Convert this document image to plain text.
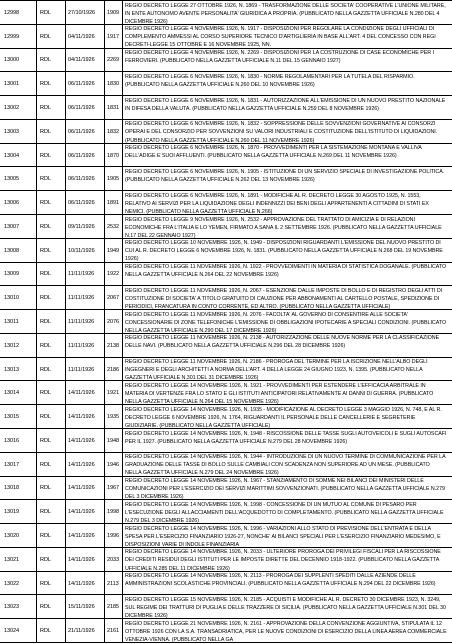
12998	RDL	27/10/1926 1909
REGIO DECRETO LEGGE 27 OTTOBRE 1926, N. 1869 - TRASFORMAZIONE DELLE SOCIETA' COOPERATIVE L'UNIONE MILITARE, IN ENTE AUTONOMO AVENTE PERSONALITA' GIURIDICA A PROPRIA. (PUBBLICATO NELLA GAZZETTA UFFICIALE N.280 DEL 4 DICEMBRE 1926)
12999	RDL	04/11/1926 1917
REGIO DECRETO LEGGE 4 NOVEMBRE 1926, N. 1917 - DISPOSIZIONI PER REGOLARE LA CONDIZIONE DEGLI UFFICIALI DI COMPLEMENTO AMMESSI AL CORSO SUPERIORE TECNICO D'ARTIGLIERIA IN BASE ALL'ART. 4 DEL CONCESSO CON REGI DECRETI-LEGGE 15 OTTOBRE E 16 NOVEMBRE 1925, NN.
13000	RDL	04/11/1926 2269
REGIO DECRETO LEGGE 4 NOVEMBRE 1926, N. 2269 - DISPOSIZIONI PER LA COSTRUZIONE DI CASE ECONOMICHE PER I FERROVIERI. (PUBBLICATO NELLA GAZZETTA UFFICIALE N.11 DEL 15 GENNAIO 1927)
13001	RDL	06/11/1926 1830
REGIO DECRETO LEGGE 6 NOVEMBRE 1926, N. 1830 - NORME REGOLAMENTARI PER LA TUTELA DEL RISPARMIO. (PUBBLICATO NELLA GAZZETTA UFFICIALE N.260 DEL 10 NOVEMBRE 1926)
13002	RDL	06/11/1926 1831
REGIO DECRETO LEGGE 6 NOVEMBRE 1926, N. 1831 - AUTORIZZAZIONE ALL'EMISSIONE DI UN NUOVO PRESTITO NAZIONALE IN DIFESA DELLA VALUTA. (PUBBLICATO NELLA GAZZETTA UFFICIALE N.259 DEL 8 NOVEMBRE 1926)
13003	RDL	06/11/1926 1832
REGIO DECRETO LEGGE 6 NOVEMBRE 1926, N. 1832 - SOPPRESSIONE DELLE SOVVENZIONI GOVERNATIVE AI CONSORZI OPERAI E DEL CONSORZIO PER SOVVENZIONI SU VALORI INDUSTRIALI E COSTITUZIONE DELL'ISTITUTO DI LIQUIDAZIONI. (PUBBLICATO NELLA GAZZETTA UFFICIALE N.260 DEL 11 NOVEMBRE 1926)
13004	RDL	06/11/1926 1870
REGIO DECRETO LEGGE 6 NOVEMBRE 1926, N. 1870 - PROVVEDIMENTI PER LA SISTEMAZIONE MONTANA E VALLIVA DELL'ADIGE E SUOI AFFLUENTI. (PUBBLICATO NELLA GAZZETTA UFFICIALE N.269 DEL 11 NOVEMBRE 1926)
13005	RDL	06/11/1926 1905
REGIO DECRETO LEGGE 6 NOVEMBRE 1926, N. 1905 - ISTITUZIONE DI UN SERVIZIO SPECIALE DI INVESTIGAZIONE POLITICA. (PUBBLICATO NELLA GAZZETTA UFFICIALE N.262 DEL 13 NOVEMBRE 1926)
13006	RDL	06/11/1926 1891
REGIO DECRETO LEGGE 6 NOVEMBRE 1926, N. 1891 - MODIFICHE AL R. DECRETO LEGGE 30 AGOSTO 1925, N. 1553, RELATIVO AI SERVIZI PER LA LIQUIDAZIONE DEGLI INDENNIZZI DEI BENI DEGLI APPARTENENTI A CITTADINI DI STATI EX NEMICI. (PUBBLICATO NELLA GAZZETTA UFFICIALE N.266)
13007	RDL	09/11/1926 2532
REGIO DECRETO LEGGE 9 NOVEMBRE 1926, N. 2532 - APPROVAZIONE DEL TRATTATO DI AMICIZIA E DI RELAZIONI ECONOMICHE FRA L'ITALIA E LO YEMEN, FIRMATO A SANA IL 2 SETTEMBRE 1926. (PUBBLICATO NELLA GAZZETTA UFFICIALE N.17 DEL 22 GENNAIO 1927)
13008	RDL	10/11/1926 1949
REGIO DECRETO LEGGE 10 NOVEMBRE 1926, N. 1949 - DISPOSIZIONI RIGUARDANTI L'EMISSIONE DEL NUOVO PRESTITO DI CUI AL R. DECRETO LEGGE 6 NOVEMBRE 1926, N. 1831. (PUBBLICATO NELLA GAZZETTA UFFICIALE N.268 DEL 19 NOVEMBRE 1926)
13009	RDL	11/11/1926 1922
REGIO DECRETO LEGGE 11 NOVEMBRE 1926, N. 1922 - PROVVEDIMENTI IN MATERIA DI STATISTICA DOGANALE. (PUBBLICATO NELLA GAZZETTA UFFICIALE N.264 DEL 22 NOVEMBRE 1926)
13010	RDL	11/11/1926 2067
REGIO DECRETO LEGGE 11 NOVEMBRE 1926, N. 2067 - ESENZIONE DALLE IMPOSTE DI BOLLO E DI REGISTRO DEGLI ATTI DI COSTITUZIONE DI SOCIETA' A TITOLO GRATUITO DI CAUZIONE PER ABBONAMENTI AL CARTELLO POSTALE, SPEDIZIONE DI PERIODICI, FRANCATURA IN CONTO CORRENTE, ED ALTRO. (PUBBLICATO NELLA GAZZETTA UFFICIALE)
13011	RDL	11/11/1926 2076
REGIO DECRETO LEGGE 11 NOVEMBRE 1926, N. 2076 - FACOLTA' AL GOVERNO DI CONSENTIRE ALLE SOCIETA' CONCESSIONARIE DI ZONE TELEFONICHE L'EMISSIONE DI OBBLIGAZIONI IPOTECARIE A SPECIALI CONDIZIONI. (PUBBLICATO NELLA GAZZETTA UFFICIALE N.290 DEL 17 DICEMBRE 1926)
13012	RDL	11/11/1926 2138
REGIO DECRETO LEGGE 11 NOVEMBRE 1926, N. 2138 - AUTORIZZAZIONE DELLE NUOVE NORME PER LA CLASSIFICAZIONE DELLE NAVI. (PUBBLICATO NELLA GAZZETTA UFFICIALE N.296 DEL 28 DICEMBRE 1926)
13013	RDL	11/11/1926 2186
REGIO DECRETO LEGGE 11 NOVEMBRE 1926, N. 2186 - PROROGA DEL TERMINE PER LA ISCRIZIONE NELL'ALBO DEGLI INGEGNERI E DEGLI ARCHITETTI A NORMA DELL'ART. 4 DELLA LEGGE 24 GIUGNO 1923, N. 1395. (PUBBLICATO NELLA GAZZETTA UFFICIALE N.301 DEL 31 DICEMBRE 1926)
13014	RDL	14/11/1926 1921
REGIO DECRETO LEGGE 14 NOVEMBRE 1926, N. 1921 - PROVVEDIMENTI PER ESTENDERE L'EFFICACIA ARBITRALE IN MATERIA DI VERTENZE FRA LO STATO E GLI ISTITUTI ANTICIPATORI RELATIVAMENTE AI DANNI DI GUERRA. (PUBBLICATO NELLA GAZZETTA UFFICIALE N.264 DEL 15 NOVEMBRE 1926)
13015	RDL	14/11/1926 1935
REGIO DECRETO LEGGE 14 NOVEMBRE 1926, N. 1935 - MODIFICAZIONE AL DECRETO LEGGE 3 MAGGIO 1926, N. 748, E AL R. DECRETO LEGGE 6 NOVEMBRE 1926, N. 1764, RIGUARDANTI IL PERSONALE DELLE CANCELLERIE E SEGRETERIE GIUDIZIARIE. (PUBBLICATO NELLA GAZZETTA UFFICIALE)
13016	RDL	14/11/1926 1948
REGIO DECRETO LEGGE 14 NOVEMBRE 1926, N. 1948 - RISCOSSIONE DELLE TASSE SUGLI AUTOVEICOLI E SUGLI AUTOSCAFI PER IL 1927. (PUBBLICATO NELLA GAZZETTA UFFICIALE N.279 DEL 28 NOVEMBRE 1926)
13017	RDL	14/11/1926 1946
REGIO DECRETO LEGGE 14 NOVEMBRE 1926, N. 1944 - INTRODUZIONE DI UN NUOVO TERMINE DI COMMUNICAZIONE PER LA GRADUAZIONE DELLE TASSE DI BOLLO SULLE CAMBIALI CON SCADENZA NON SUPERIORE AD UN MESE. (PUBBLICATO NELLA GAZZETTA UFFICIALE N.279 DEL 24 NOVEMBRE 1926)
13018	RDL	14/11/1926 1967
REGIO DECRETO LEGGE 14 NOVEMBRE 1926, N. 1967 - STANZIAMENTO DI SOMME NEI BILANCI DEI MINISTERI DELLE COMUNICAZIONI PER L'ESERCIZIO DEI SERVIZI MARITTIMI SOVVENZIONATI. (PUBBLICATO NELLA GAZZETTA UFFICIALE N.279 DEL 3 DICEMBRE 1926)
13019	RDL	14/11/1926 1998
REGIO DECRETO LEGGE 14 NOVEMBRE 1926, N. 1998 - CONCESSIONE DI UN MUTUO AL COMUNE DI PESARO PER L'ESECUZIONE DEGLI ALLACCIAMENTI DELL'ACQUEDOTTO DI COMPLETAMENTO. (PUBBLICATO NELLA GAZZETTA UFFICIALE N.279 DEL 3 DICEMBRE 1926)
13020	RDL	14/11/1926 1996
REGIO DECRETO LEGGE 14 NOVEMBRE 1926, N. 1996 - VARIAZIONI ALLO STATO DI PREVISIONE DELL'ENTRATA E DELLA SPESA PER L'ESERCIZIO FINANZIARIO 1926-27, NONCHE' AI BILANCI SPECIALI PER L'ESERCIZIO FINANZIARIO MEDESIMO, E DISPOSIZIONI VARIE DI INDOLE FINANZIARIA
13021	RDL	14/11/1926 2033
REGIO DECRETO LEGGE 14 NOVEMBRE 1926, N. 2033 - ULTERIORE PROROGA DEI PRIVILEGI FISCALI PER LA RISCOSSIONE DEI CREDITI RESIDUI DEGLI ISTITUTI PER LE IMPOSTE DIRETTE DEL DECENNIO 1918-1922. (PUBBLICATO NELLA GAZZETTA UFFICIALE N.285 DEL 11 DICEMBRE 1926)
13022	RDL	14/11/1926 2113
REGIO DECRETO LEGGE 14 NOVEMBRE 1926, N. 2113 - PROROGA DEI SUPPLENTI SPEDITI DALLE AZIENDE DELLE AMMINISTRAZIONI SCOLASTICHE PROVINCIALI. (PUBBLICATO NELLA GAZZETTA UFFICIALE N.294 DEL 22 DICEMBRE 1926)
13023	RDL	15/11/1926 2185
REGIO DECRETO LEGGE 15 NOVEMBRE 1926, N. 2185 - ACQUISTI E MODIFICHE AL R. DECRETO 30 DICEMBRE 1923, N. 3249, SUL REGIME DEI TRATTURI DI PUGLIA E DELLE TRAZZERE DI SICILIA. (PUBBLICATO NELLA GAZZETTA UFFICIALE N.301 DEL 30 DICEMBRE 1926)
13024	RDL	21/11/1926 2161
REGIO DECRETO LEGGE 21 NOVEMBRE 1926, N. 2161 - APPROVAZIONE DELLA CONVENZIONE AGGIUNTIVA, STIPULATA IL 12 OTTOBRE 1926 CON LA S.A. TRANSADRIATICA, PER LE NUOVE CONDIZIONI DI ESERCIZIO DELLA LINEA AEREA COMMERCIALE VENEZIA-VIENNA. (PUBBLICATO NELLA GA
